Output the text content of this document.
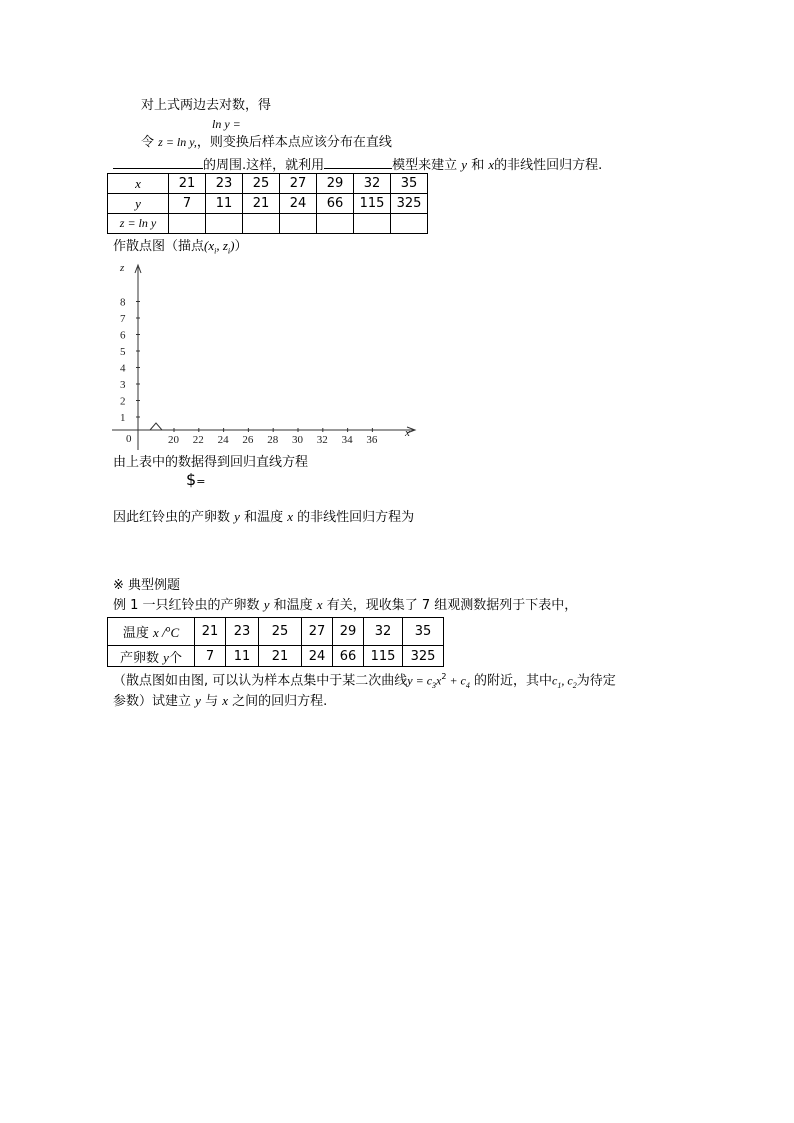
对上式两边去对数，得
ln y =
令 z = ln y,，则变换后样本点应该分布在直线
的周围.这样，就利用	模型来建立 y 和 x的非线性回归方程.
x	21	23	25	27	29	32	35
y	7	11	21	24	66	115	325
z = ln y							
作散点图（描点($x_i$, $z_i$)）
z
x
0
1
2
3
4
5
6
7
8
20 22 24 26 28 30 32 34 36
由上表中的数据得到回归直线方程
$=
因此红铃虫的产卵数 y 和温度 x 的非线性回归方程为
※ 典型例题
例 1 一只红铃虫的产卵数 y 和温度 x 有关，现收集了 7 组观测数据列于下表中，
温度 x /$^o$C	21	23	25	27	29	32	35
产卵数 y个	7	11	21	24	66	115	325
（散点图如由图, 可以认为样本点集中于某二次曲线$y = c_3x^2 + c_4$ 的附近，其中$c_1$, $c_2$为待定
参数）试建立 y 与 x 之间的回归方程.
